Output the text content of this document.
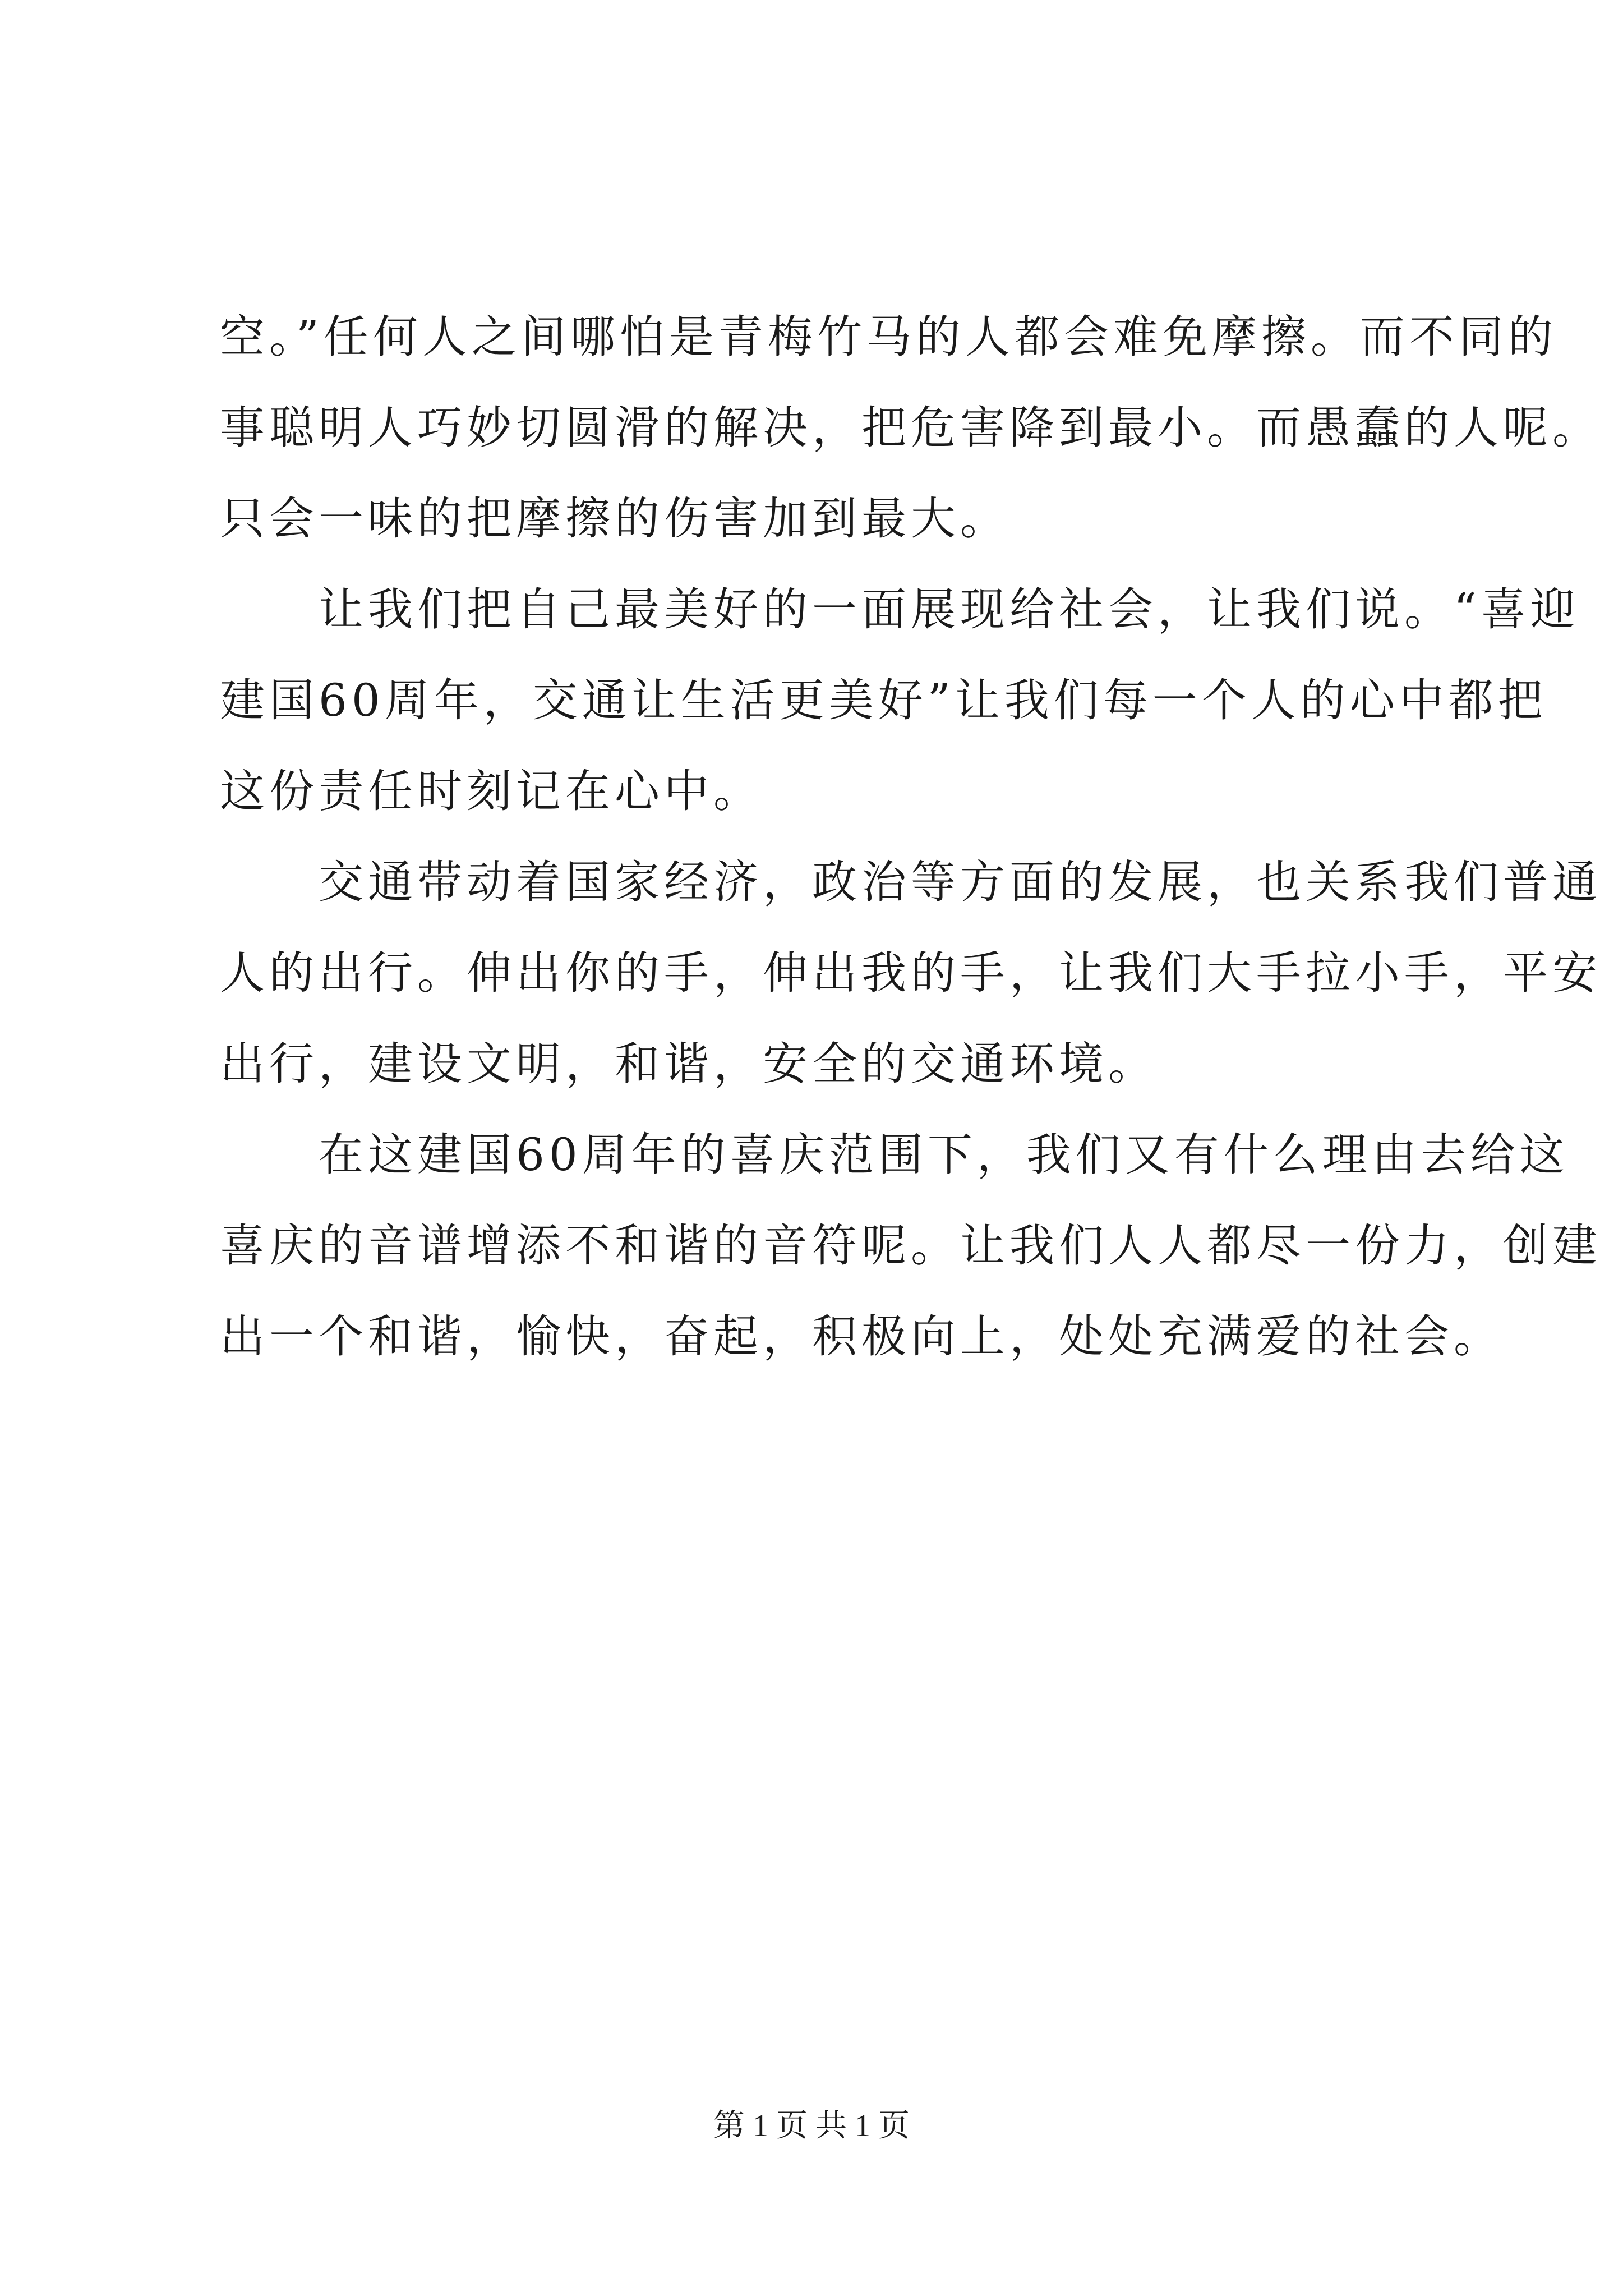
空。”任何人之间哪怕是青梅竹马的人都会难免摩擦。而不同的
事聪明人巧妙切圆滑的解决，把危害降到最小。而愚蠢的人呢。
只会一味的把摩擦的伤害加到最大。
让我们把自己最美好的一面展现给社会，让我们说。“喜迎
建国60周年，交通让生活更美好”让我们每一个人的心中都把
这份责任时刻记在心中。
交通带动着国家经济，政治等方面的发展，也关系我们普通
人的出行。伸出你的手，伸出我的手，让我们大手拉小手，平安
出行，建设文明，和谐，安全的交通环境。
在这建国60周年的喜庆范围下，我们又有什么理由去给这
喜庆的音谱增添不和谐的音符呢。让我们人人都尽一份力，创建
出一个和谐，愉快，奋起，积极向上，处处充满爱的社会。
第 1 页 共 1 页
